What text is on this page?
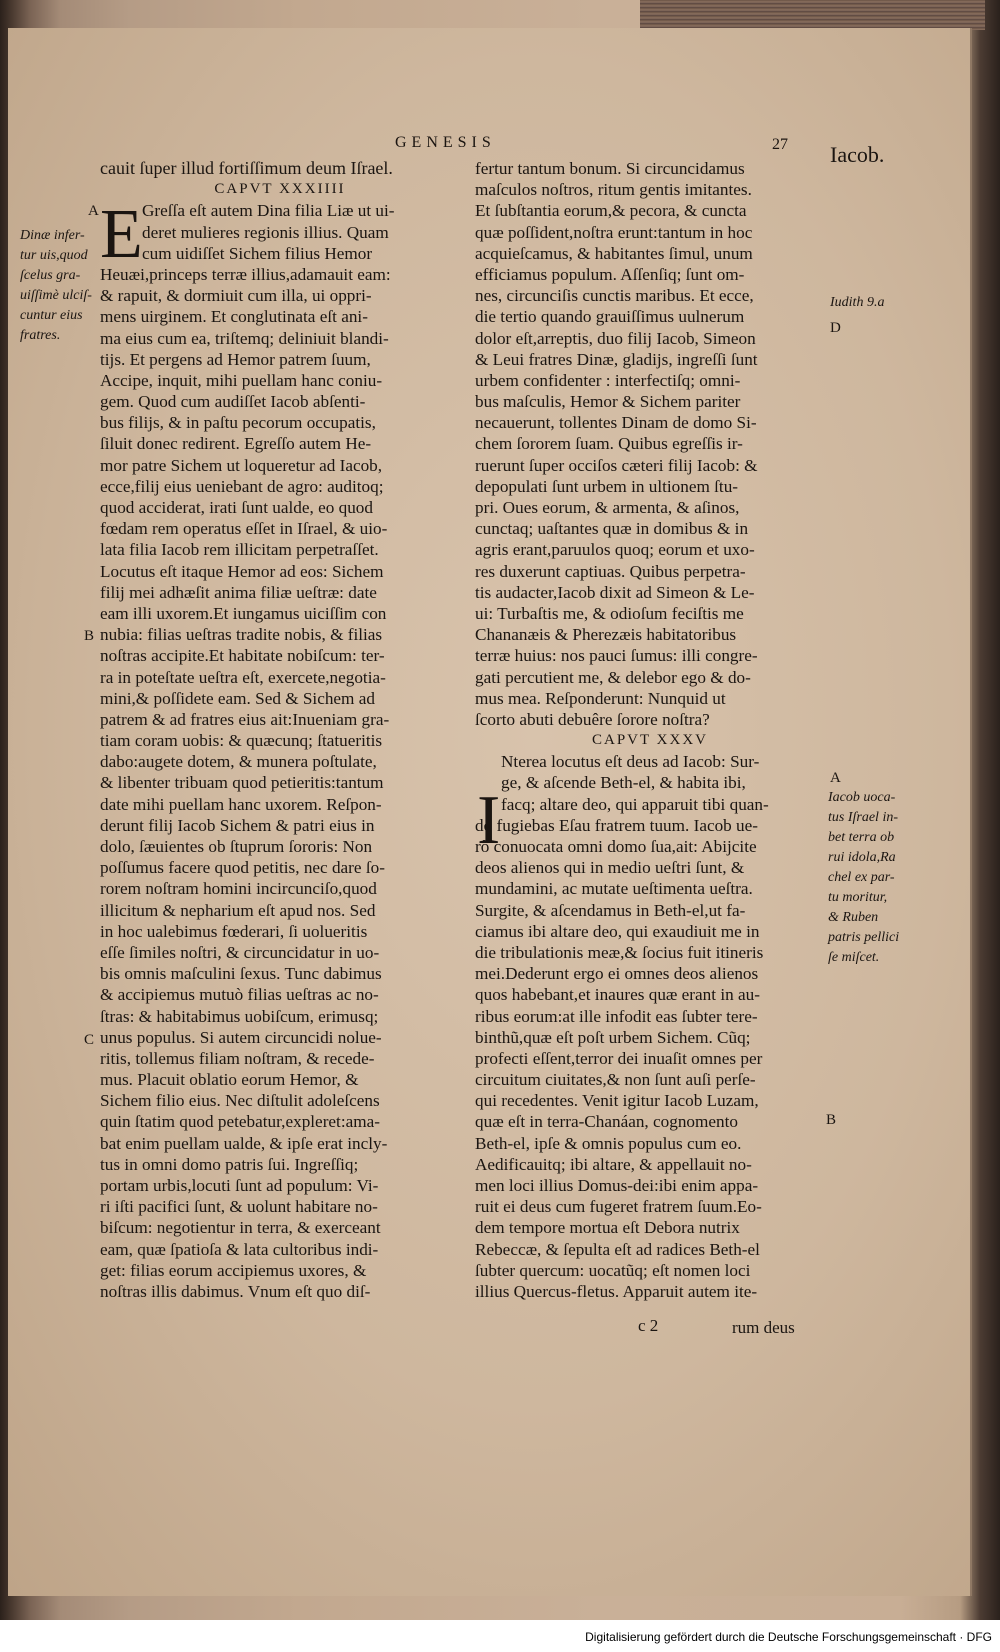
GENESIS	27 Iacob.
cauit ſuper illud fortiſſimum deum Iſrael.
CAPVT XXXIIII
Greſſa eſt autem Dina filia Liæ ut ui-
deret mulieres regionis illius. Quam
cum uidiſſet Sichem filius Hemor
Heuæi,princeps terræ illius,adamauit eam:
& rapuit, & dormiuit cum illa, ui oppri-
mens uirginem. Et conglutinata eſt ani-
ma eius cum ea, triſtemq; deliniuit blandi-
tijs. Et pergens ad Hemor patrem ſuum,
Accipe, inquit, mihi puellam hanc coniu-
gem. Quod cum audiſſet Iacob abſenti-
bus filijs, & in paſtu pecorum occupatis,
ſiluit donec redirent. Egreſſo autem He-
mor patre Sichem ut loqueretur ad Iacob,
ecce,filij eius ueniebant de agro: auditoq;
quod acciderat, irati ſunt ualde, eo quod
fœdam rem operatus eſſet in Iſrael, & uio-
lata filia Iacob rem illicitam perpetraſſet.
Locutus eſt itaque Hemor ad eos: Sichem
filij mei adhæſit anima filiæ ueſtræ: date
eam illi uxorem.Et iungamus uiciſſim con
nubia: filias ueſtras tradite nobis, & filias
noſtras accipite.Et habitate nobiſcum: ter-
ra in poteſtate ueſtra eſt, exercete,negotia-
mini,& poſſidete eam. Sed & Sichem ad
patrem & ad fratres eius ait:Inueniam gra-
tiam coram uobis: & quæcunq; ſtatueritis
dabo:augete dotem, & munera poſtulate,
& libenter tribuam quod petieritis:tantum
date mihi puellam hanc uxorem. Reſpon-
derunt filij Iacob Sichem & patri eius in
dolo, ſæuientes ob ſtuprum ſororis: Non
poſſumus facere quod petitis, nec dare ſo-
rorem noſtram homini incircunciſo,quod
illicitum & nepharium eſt apud nos. Sed
in hoc ualebimus fœderari, ſi uolueritis
eſſe ſimiles noſtri, & circuncidatur in uo-
bis omnis maſculini ſexus. Tunc dabimus
& accipiemus mutuò filias ueſtras ac no-
ſtras: & habitabimus uobiſcum, erimusq;
unus populus. Si autem circuncidi nolue-
ritis, tollemus filiam noſtram, & recede-
mus. Placuit oblatio eorum Hemor, &
Sichem filio eius. Nec diſtulit adoleſcens
quin ſtatim quod petebatur,expleret:ama-
bat enim puellam ualde, & ipſe erat incly-
tus in omni domo patris ſui. Ingreſſiq;
portam urbis,locuti ſunt ad populum: Vi-
ri iſti pacifici ſunt, & uolunt habitare no-
biſcum: negotientur in terra, & exerceant
eam, quæ ſpatioſa & lata cultoribus indi-
get: filias eorum accipiemus uxores, &
noſtras illis dabimus. Vnum eſt quo diſ-
E
fertur tantum bonum. Si circuncidamus
maſculos noſtros, ritum gentis imitantes.
Et ſubſtantia eorum,& pecora, & cuncta
quæ poſſident,noſtra erunt:tantum in hoc
acquieſcamus, & habitantes ſimul, unum
efficiamus populum. Aſſenſiq; ſunt om-
nes, circunciſis cunctis maribus. Et ecce,
die tertio quando grauiſſimus uulnerum
dolor eſt,arreptis, duo filij Iacob, Simeon
& Leui fratres Dinæ, gladijs, ingreſſi ſunt
urbem confidenter : interfectiſq; omni-
bus maſculis, Hemor & Sichem pariter
necauerunt, tollentes Dinam de domo Si-
chem ſororem ſuam. Quibus egreſſis ir-
ruerunt ſuper occiſos cæteri filij Iacob: &
depopulati ſunt urbem in ultionem ſtu-
pri. Oues eorum, & armenta, & aſinos,
cunctaq; uaſtantes quæ in domibus & in
agris erant,paruulos quoq; eorum et uxo-
res duxerunt captiuas. Quibus perpetra-
tis audacter,Iacob dixit ad Simeon & Le-
ui: Turbaſtis me, & odioſum feciſtis me
Chananæis & Pherezæis habitatoribus
terræ huius: nos pauci ſumus: illi congre-
gati percutient me, & delebor ego & do-
mus mea. Reſponderunt: Nunquid ut
ſcorto abuti debuêre ſorore noſtra?
CAPVT XXXV
Nterea locutus eſt deus ad Iacob: Sur-
ge, & aſcende Beth-el, & habita ibi,
facq; altare deo, qui apparuit tibi quan-
do fugiebas Eſau fratrem tuum. Iacob ue-
rò conuocata omni domo ſua,ait: Abijcite
deos alienos qui in medio ueſtri ſunt, &
mundamini, ac mutate ueſtimenta ueſtra.
Surgite, & aſcendamus in Beth-el,ut fa-
ciamus ibi altare deo, qui exaudiuit me in
die tribulationis meæ,& ſocius fuit itineris
mei.Dederunt ergo ei omnes deos alienos
quos habebant,et inaures quæ erant in au-
ribus eorum:at ille infodit eas ſubter tere-
binthũ,quæ eſt poſt urbem Sichem. Cũq;
profecti eſſent,terror dei inuaſit omnes per
circuitum ciuitates,& non ſunt auſi perſe-
qui recedentes. Venit igitur Iacob Luzam,
quæ eſt in terra-Chanáan, cognomento
Beth-el, ipſe & omnis populus cum eo.
Aedificauitq; ibi altare, & appellauit no-
men loci illius Domus-dei:ibi enim appa-
ruit ei deus cum fugeret fratrem ſuum.Eo-
dem tempore mortua eſt Debora nutrix
Rebeccæ, & ſepulta eſt ad radices Beth-el
ſubter quercum: uocatũq; eſt nomen loci
illius Quercus-fletus. Apparuit autem ite-
I
A
Dinæ infer-
tur uis,quod
ſcelus gra-
uiſſimè ulciſ-
cuntur eius
fratres.
B
C
Iudith 9.a
D
A
Iacob uoca-
tus Iſrael in-
bet terra ob
rui idola,Ra
chel ex par-
tu moritur,
& Ruben
patris pellici
ſe miſcet.
B
c 2	rum deus
Digitalisierung gefördert durch die Deutsche Forschungsgemeinschaft · DFG
